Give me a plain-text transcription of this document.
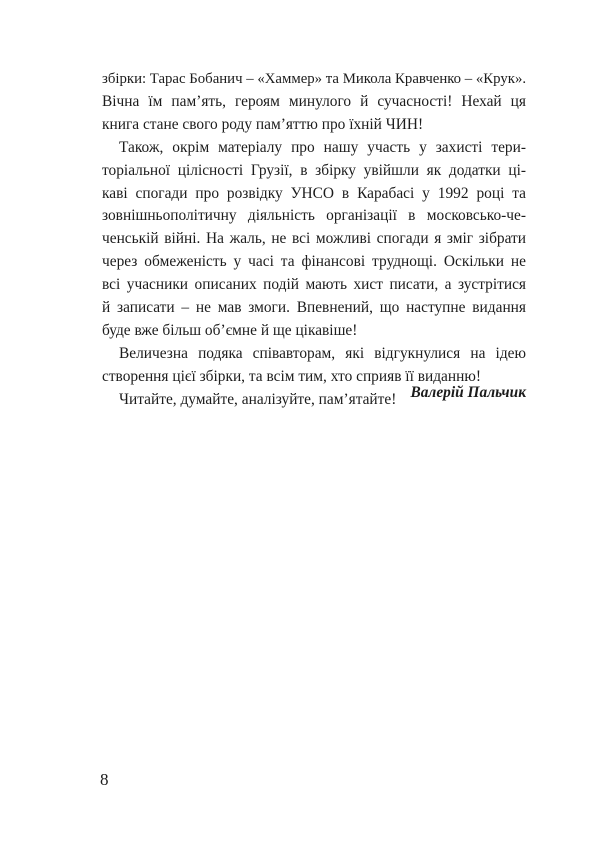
збірки: Тарас Бобанич – «Хаммер» та Микола Кравченко – «Крук».
Вічна їм пам’ять, героям минулого й сучасності! Нехай ця
книга стане свого роду пам’яттю про їхній ЧИН!
Також, окрім матеріалу про нашу участь у захисті тери-
торіальної цілісності Грузії, в збірку увійшли як додатки ці-
каві спогади про розвідку УНСО в Карабасі у 1992 році та
зовнішньополітичну діяльність організації в московсько-че-
ченській війні. На жаль, не всі можливі спогади я зміг зібрати
через обмеженість у часі та фінансові труднощі. Оскільки не
всі учасники описаних подій мають хист писати, а зустрітися
й записати – не мав змоги. Впевнений, що наступне видання
буде вже більш об’ємне й ще цікавіше!
Величезна подяка співавторам, які відгукнулися на ідею
створення цієї збірки, та всім тим, хто сприяв її виданню!
Читайте, думайте, аналізуйте, пам’ятайте! Валерій Пальчик
8
